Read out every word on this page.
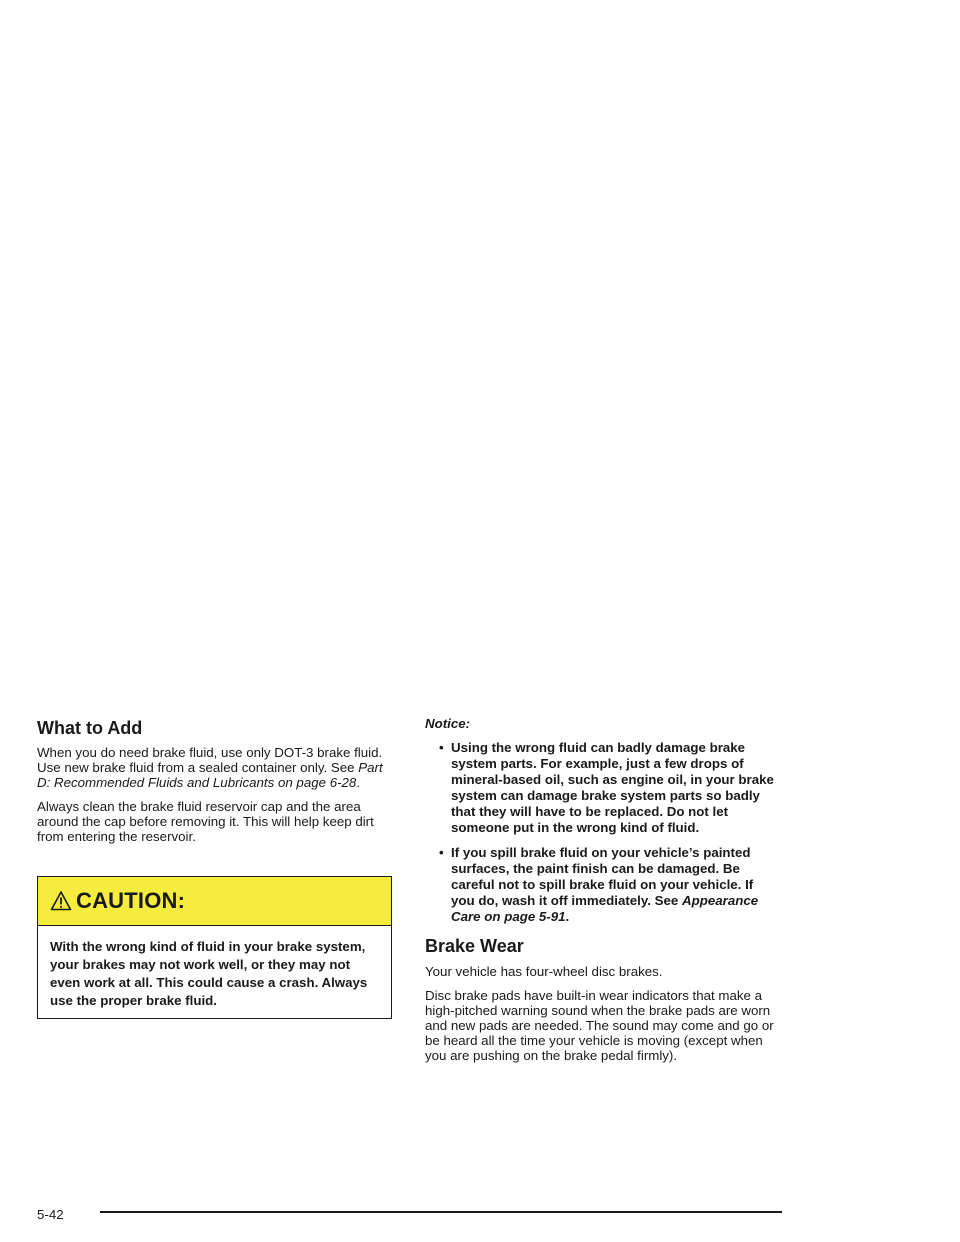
What to Add

When you do need brake fluid, use only DOT-3 brake fluid. Use new brake fluid from a sealed container only. See Part D: Recommended Fluids and Lubricants on page 6-28.

Always clean the brake fluid reservoir cap and the area around the cap before removing it. This will help keep dirt from entering the reservoir.

CAUTION:
With the wrong kind of fluid in your brake system, your brakes may not work well, or they may not even work at all. This could cause a crash. Always use the proper brake fluid.
Notice:
• Using the wrong fluid can badly damage brake system parts. For example, just a few drops of mineral-based oil, such as engine oil, in your brake system can damage brake system parts so badly that they will have to be replaced. Do not let someone put in the wrong kind of fluid.
• If you spill brake fluid on your vehicle’s painted surfaces, the paint finish can be damaged. Be careful not to spill brake fluid on your vehicle. If you do, wash it off immediately. See Appearance Care on page 5-91.
Brake Wear

Your vehicle has four-wheel disc brakes.

Disc brake pads have built-in wear indicators that make a high-pitched warning sound when the brake pads are worn and new pads are needed. The sound may come and go or be heard all the time your vehicle is moving (except when you are pushing on the brake pedal firmly).

5-42
